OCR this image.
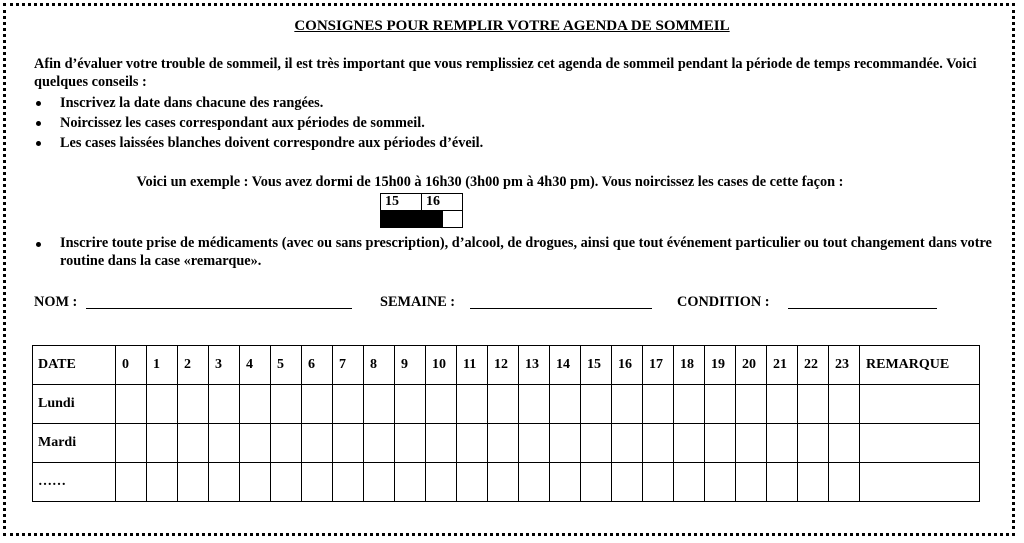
CONSIGNES POUR REMPLIR VOTRE AGENDA DE SOMMEIL

Afin d’évaluer votre trouble de sommeil, il est très important que vous remplissiez cet agenda de sommeil pendant la période de temps recommandée. Voici quelques conseils :

Inscrivez la date dans chacune des rangées.
Noircissez les cases correspondant aux périodes de sommeil.
Les cases laissées blanches doivent correspondre aux périodes d’éveil.
Voici un exemple : Vous avez dormi de 15h00 à 16h30 (3h00 pm à 4h30 pm). Vous noircissez les cases de cette façon :
15		16	

Inscrire toute prise de médicaments (avec ou sans prescription), d’alcool, de drogues, ainsi que tout événement particulier ou tout changement dans votre routine dans la case «remarque».
NOM :	SEMAINE :	CONDITION :
DATE	0	1	2	3	4	5	6	7	8	9	10	11	12	13	14	15	16	17	18	19	20	21	22	23	REMARQUE
Lundi																									
Mardi																									
……																									
